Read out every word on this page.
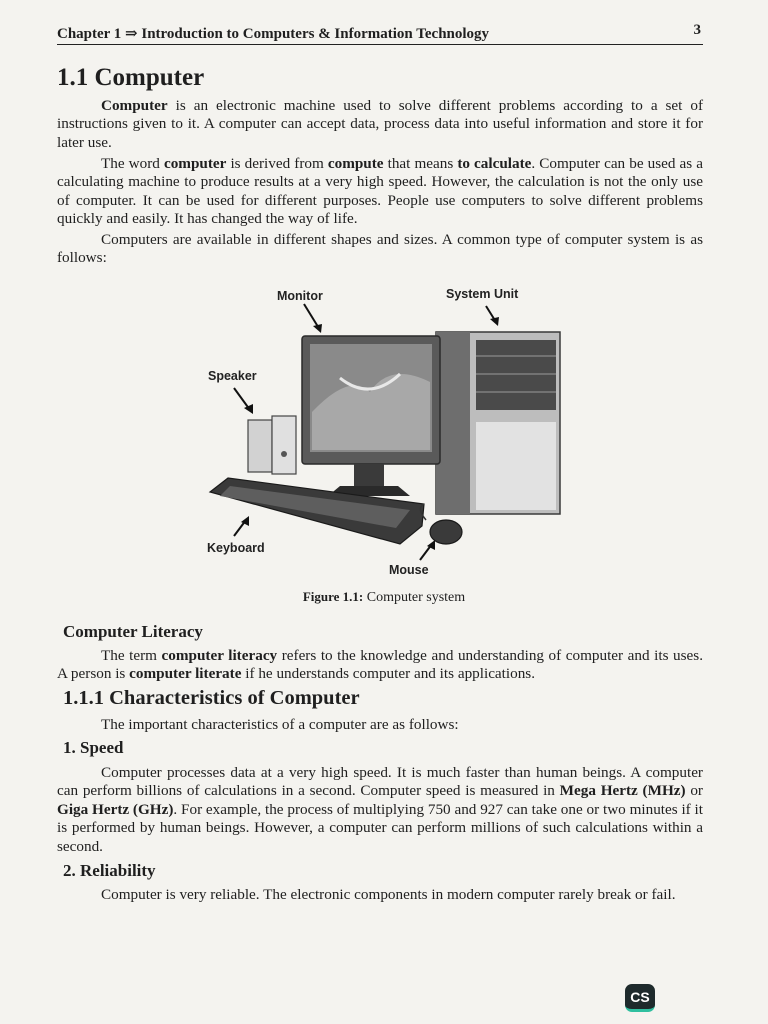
Chapter 1 ⇒ Introduction to Computers & Information Technology	3
1.1 Computer

Computer is an electronic machine used to solve different problems according to a set of instructions given to it. A computer can accept data, process data into useful information and store it for later use.

The word computer is derived from compute that means to calculate. Computer can be used as a calculating machine to produce results at a very high speed. However, the calculation is not the only use of computer. It can be used for different purposes. People use computers to solve different problems quickly and easily. It has changed the way of life.

Computers are available in different shapes and sizes. A common type of computer system is as follows:

Monitor	System Unit
Speaker
Keyboard
Mouse
Figure 1.1: Computer system
Computer Literacy

The term computer literacy refers to the knowledge and understanding of computer and its uses. A person is computer literate if he understands computer and its applications.

1.1.1 Characteristics of Computer

The important characteristics of a computer are as follows:

1. Speed

Computer processes data at a very high speed. It is much faster than human beings. A computer can perform billions of calculations in a second. Computer speed is measured in Mega Hertz (MHz) or Giga Hertz (GHz). For example, the process of multiplying 750 and 927 can take one or two minutes if it is performed by human beings. However, a computer can perform millions of such calculations within a second.

2. Reliability

Computer is very reliable. The electronic components in modern computer rarely break or fail.

CS
